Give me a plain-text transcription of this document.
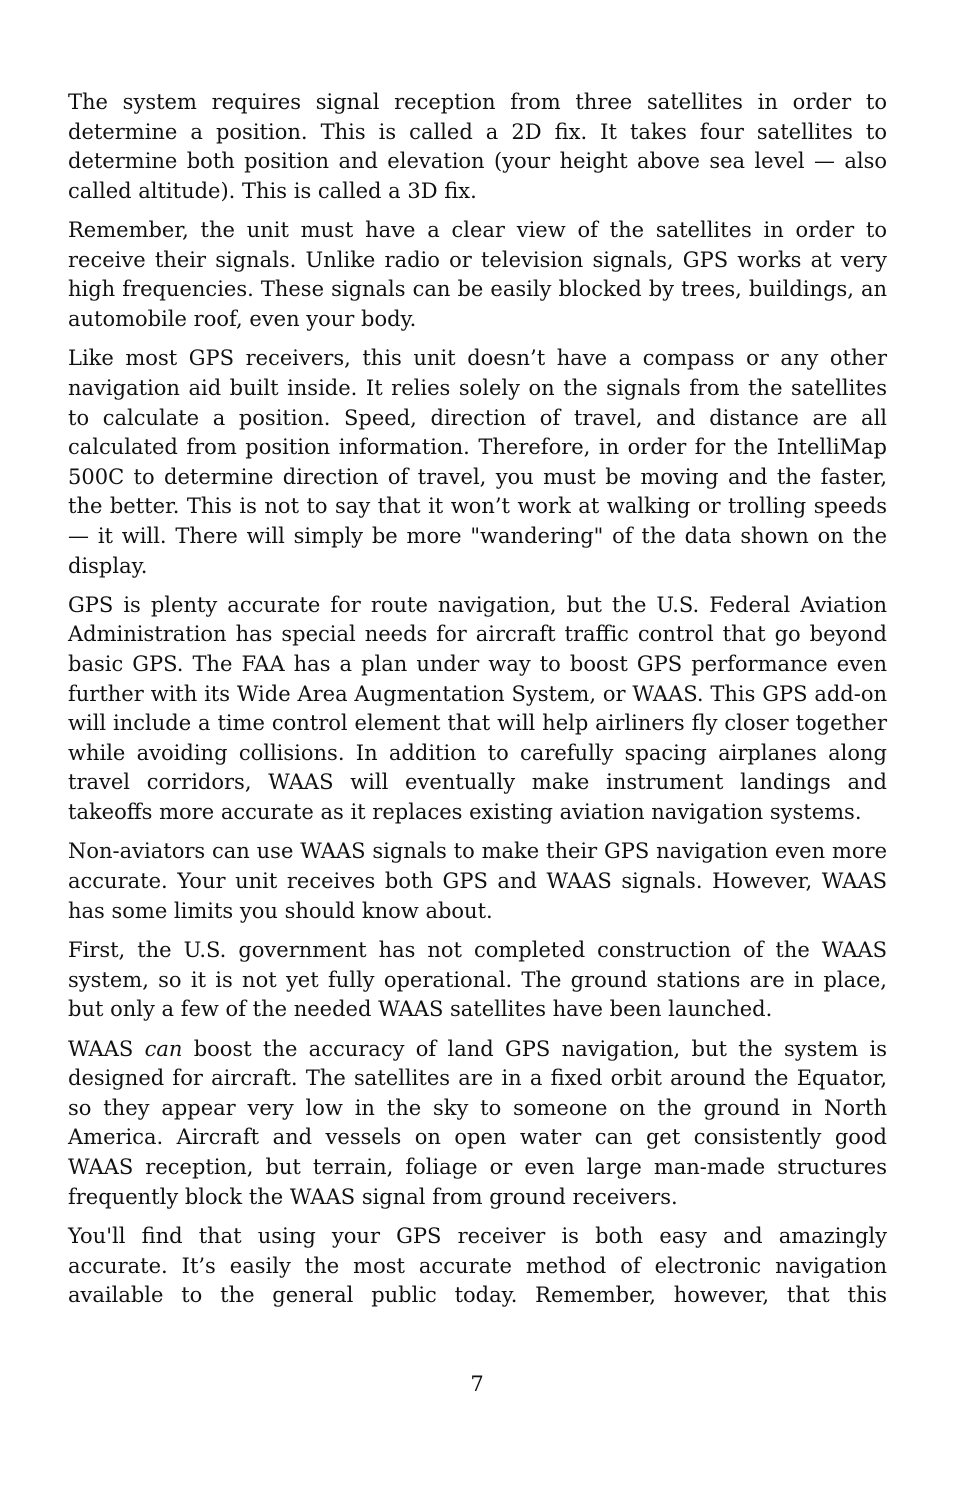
The system requires signal reception from three satellites in order to determine a position. This is called a 2D fix. It takes four satellites to determine both position and elevation (your height above sea level — also called altitude). This is called a 3D fix.

Remember, the unit must have a clear view of the satellites in order to receive their signals. Unlike radio or television signals, GPS works at very high frequencies. These signals can be easily blocked by trees, buildings, an automobile roof, even your body.

Like most GPS receivers, this unit doesn’t have a compass or any other navigation aid built inside. It relies solely on the signals from the satellites to calculate a position. Speed, direction of travel, and distance are all calculated from position information. Therefore, in order for the IntelliMap 500C to determine direction of travel, you must be moving and the faster, the better. This is not to say that it won’t work at walking or trolling speeds — it will. There will simply be more "wandering" of the data shown on the display.

GPS is plenty accurate for route navigation, but the U.S. Federal Aviation Administration has special needs for aircraft traffic control that go beyond basic GPS. The FAA has a plan under way to boost GPS performance even further with its Wide Area Augmentation System, or WAAS. This GPS add-on will include a time control element that will help airliners fly closer together while avoiding collisions. In addition to carefully spacing airplanes along travel corridors, WAAS will eventually make instrument landings and takeoffs more accurate as it replaces existing aviation navigation systems.

Non-aviators can use WAAS signals to make their GPS navigation even more accurate. Your unit receives both GPS and WAAS signals. However, WAAS has some limits you should know about.

First, the U.S. government has not completed construction of the WAAS system, so it is not yet fully operational. The ground stations are in place, but only a few of the needed WAAS satellites have been launched.

WAAS can boost the accuracy of land GPS navigation, but the system is designed for aircraft. The satellites are in a fixed orbit around the Equator, so they appear very low in the sky to someone on the ground in North America. Aircraft and vessels on open water can get consistently good WAAS reception, but terrain, foliage or even large man-made structures frequently block the WAAS signal from ground receivers.

You'll find that using your GPS receiver is both easy and amazingly accurate. It’s easily the most accurate method of electronic navigation available to the general public today. Remember, however, that this

7
